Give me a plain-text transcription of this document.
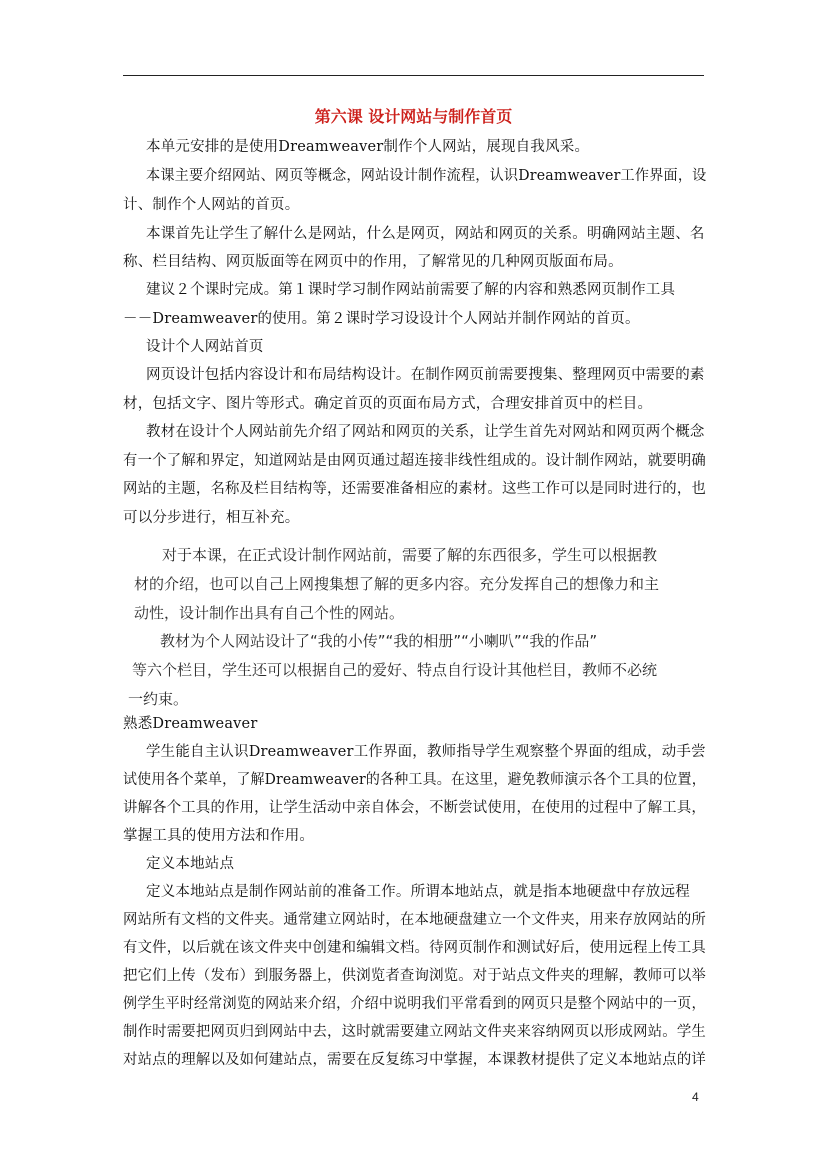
第六课 设计网站与制作首页
本单元安排的是使用Dreamweaver制作个人网站，展现自我风采。
本课主要介绍网站、网页等概念，网站设计制作流程，认识Dreamweaver工作界面，设
计、制作个人网站的首页。
本课首先让学生了解什么是网站，什么是网页，网站和网页的关系。明确网站主题、名
称、栏目结构、网页版面等在网页中的作用，了解常见的几种网页版面布局。
建议２个课时完成。第１课时学习制作网站前需要了解的内容和熟悉网页制作工具
－－Dreamweaver的使用。第２课时学习设设计个人网站并制作网站的首页。
设计个人网站首页
网页设计包括内容设计和布局结构设计。在制作网页前需要搜集、整理网页中需要的素
材，包括文字、图片等形式。确定首页的页面布局方式，合理安排首页中的栏目。
教材在设计个人网站前先介绍了网站和网页的关系，让学生首先对网站和网页两个概念
有一个了解和界定，知道网站是由网页通过超连接非线性组成的。设计制作网站，就要明确
网站的主题，名称及栏目结构等，还需要准备相应的素材。这些工作可以是同时进行的，也
可以分步进行，相互补充。
对于本课，在正式设计制作网站前，需要了解的东西很多，学生可以根据教
材的介绍，也可以自己上网搜集想了解的更多内容。充分发挥自己的想像力和主
动性，设计制作出具有自己个性的网站。
教材为个人网站设计了“我的小传”“我的相册”“小喇叭”“我的作品”
等六个栏目，学生还可以根据自己的爱好、特点自行设计其他栏目，教师不必统
一约束。
熟悉Dreamweaver
学生能自主认识Dreamweaver工作界面，教师指导学生观察整个界面的组成，动手尝
试使用各个菜单，了解Dreamweaver的各种工具。在这里，避免教师演示各个工具的位置，
讲解各个工具的作用，让学生活动中亲自体会，不断尝试使用，在使用的过程中了解工具，
掌握工具的使用方法和作用。
定义本地站点
定义本地站点是制作网站前的准备工作。所谓本地站点，就是指本地硬盘中存放远程
网站所有文档的文件夹。通常建立网站时，在本地硬盘建立一个文件夹，用来存放网站的所
有文件，以后就在该文件夹中创建和编辑文档。待网页制作和测试好后，使用远程上传工具
把它们上传（发布）到服务器上，供浏览者查询浏览。对于站点文件夹的理解，教师可以举
例学生平时经常浏览的网站来介绍，介绍中说明我们平常看到的网页只是整个网站中的一页，
制作时需要把网页归到网站中去，这时就需要建立网站文件夹来容纳网页以形成网站。学生
对站点的理解以及如何建站点，需要在反复练习中掌握，本课教材提供了定义本地站点的详
4
